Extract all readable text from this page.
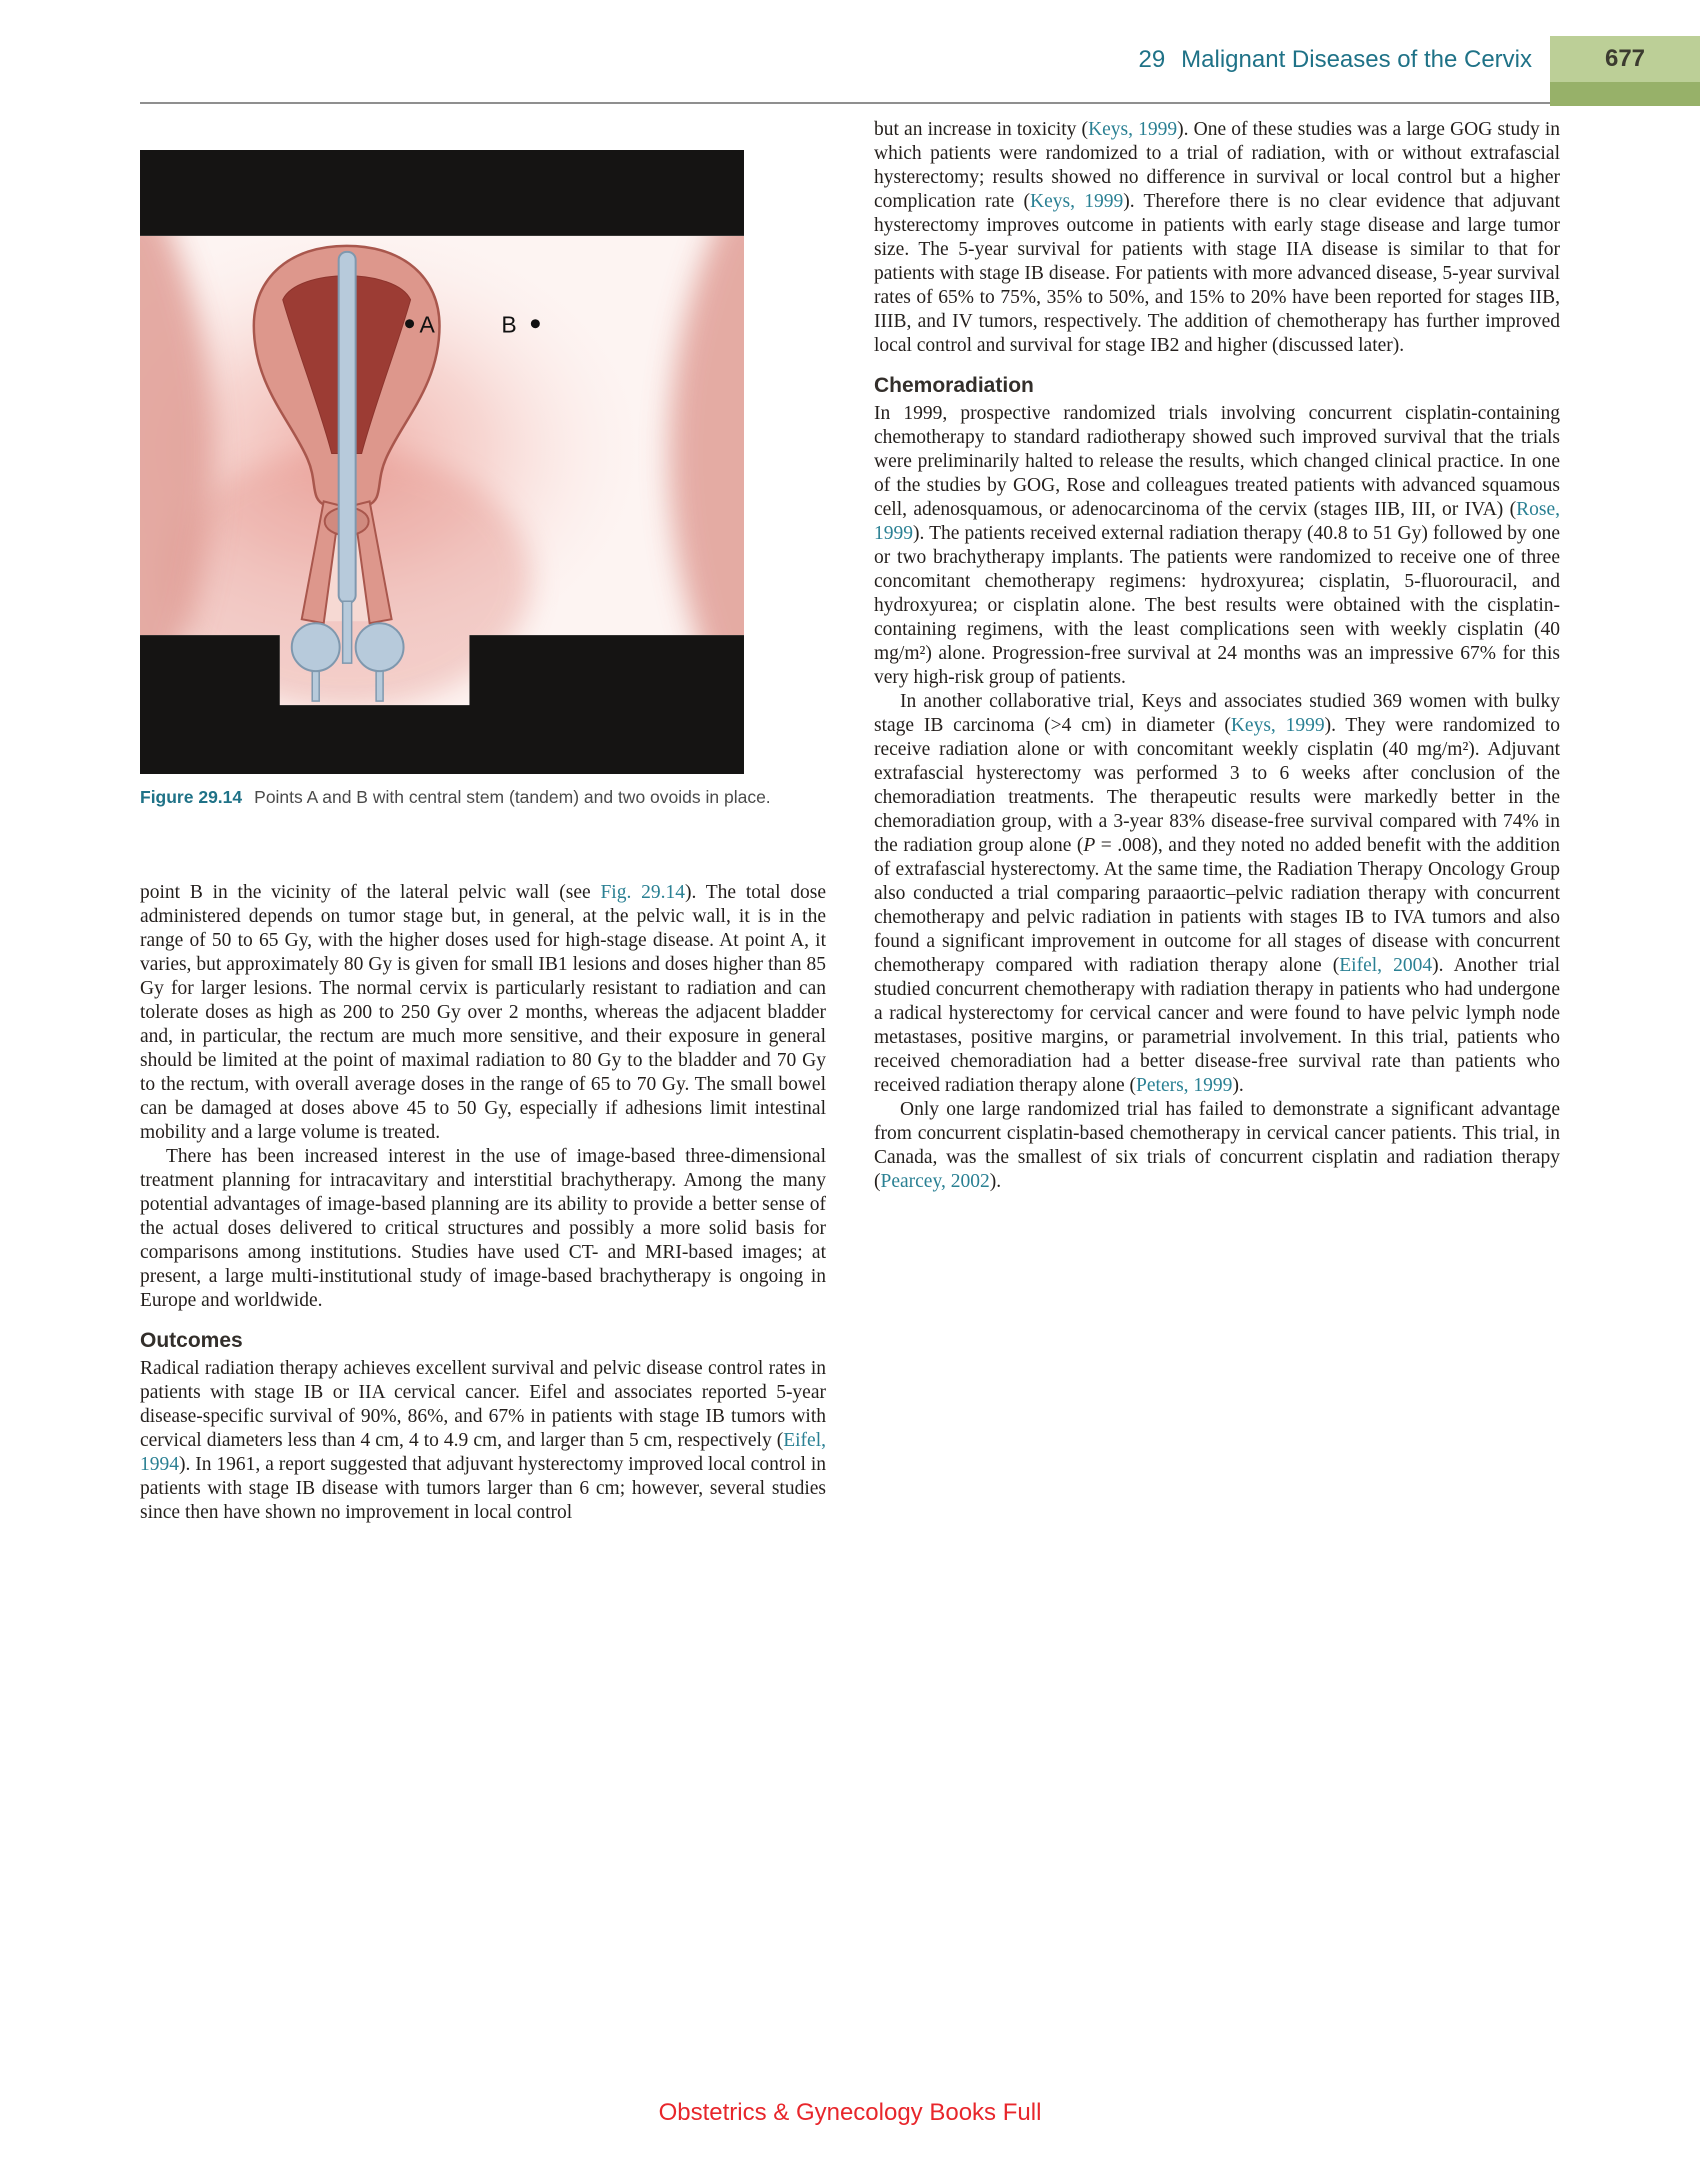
29 Malignant Diseases of the Cervix	677
A	B
Figure 29.14 Points A and B with central stem (tandem) and two ovoids in place.

point B in the vicinity of the lateral pelvic wall (see Fig. 29.14). The total dose administered depends on tumor stage but, in general, at the pelvic wall, it is in the range of 50 to 65 Gy, with the higher doses used for high-stage disease. At point A, it varies, but approximately 80 Gy is given for small IB1 lesions and doses higher than 85 Gy for larger lesions. The normal cervix is particularly resistant to radiation and can tolerate doses as high as 200 to 250 Gy over 2 months, whereas the adjacent bladder and, in particular, the rectum are much more sensitive, and their exposure in general should be limited at the point of maximal radiation to 80 Gy to the bladder and 70 Gy to the rectum, with overall average doses in the range of 65 to 70 Gy. The small bowel can be damaged at doses above 45 to 50 Gy, especially if adhesions limit intestinal mobility and a large volume is treated.

There has been increased interest in the use of image-based three-dimensional treatment planning for intracavitary and interstitial brachytherapy. Among the many potential advantages of image-based planning are its ability to provide a better sense of the actual doses delivered to critical structures and possibly a more solid basis for comparisons among institutions. Studies have used CT- and MRI-based images; at present, a large multi-institutional study of image-based brachytherapy is ongoing in Europe and worldwide.

Outcomes

Radical radiation therapy achieves excellent survival and pelvic disease control rates in patients with stage IB or IIA cervical cancer. Eifel and associates reported 5-year disease-specific survival of 90%, 86%, and 67% in patients with stage IB tumors with cervical diameters less than 4 cm, 4 to 4.9 cm, and larger than 5 cm, respectively (Eifel, 1994). In 1961, a report suggested that adjuvant hysterectomy improved local control in patients with stage IB disease with tumors larger than 6 cm; however, several studies since then have shown no improvement in local control

but an increase in toxicity (Keys, 1999). One of these studies was a large GOG study in which patients were randomized to a trial of radiation, with or without extrafascial hysterectomy; results showed no difference in survival or local control but a higher complication rate (Keys, 1999). Therefore there is no clear evidence that adjuvant hysterectomy improves outcome in patients with early stage disease and large tumor size. The 5-year survival for patients with stage IIA disease is similar to that for patients with stage IB disease. For patients with more advanced disease, 5-year survival rates of 65% to 75%, 35% to 50%, and 15% to 20% have been reported for stages IIB, IIIB, and IV tumors, respectively. The addition of chemotherapy has further improved local control and survival for stage IB2 and higher (discussed later).

Chemoradiation

In 1999, prospective randomized trials involving concurrent cisplatin-containing chemotherapy to standard radiotherapy showed such improved survival that the trials were preliminarily halted to release the results, which changed clinical practice. In one of the studies by GOG, Rose and colleagues treated patients with advanced squamous cell, adenosquamous, or adenocarcinoma of the cervix (stages IIB, III, or IVA) (Rose, 1999). The patients received external radiation therapy (40.8 to 51 Gy) followed by one or two brachytherapy implants. The patients were randomized to receive one of three concomitant chemotherapy regimens: hydroxyurea; cisplatin, 5-fluorouracil, and hydroxyurea; or cisplatin alone. The best results were obtained with the cisplatin-containing regimens, with the least complications seen with weekly cisplatin (40 mg/m²) alone. Progression-free survival at 24 months was an impressive 67% for this very high-risk group of patients.

In another collaborative trial, Keys and associates studied 369 women with bulky stage IB carcinoma (>4 cm) in diameter (Keys, 1999). They were randomized to receive radiation alone or with concomitant weekly cisplatin (40 mg/m²). Adjuvant extrafascial hysterectomy was performed 3 to 6 weeks after conclusion of the chemoradiation treatments. The therapeutic results were markedly better in the chemoradiation group, with a 3-year 83% disease-free survival compared with 74% in the radiation group alone (P = .008), and they noted no added benefit with the addition of extrafascial hysterectomy. At the same time, the Radiation Therapy Oncology Group also conducted a trial comparing paraaortic–pelvic radiation therapy with concurrent chemotherapy and pelvic radiation in patients with stages IB to IVA tumors and also found a significant improvement in outcome for all stages of disease with concurrent chemotherapy compared with radiation therapy alone (Eifel, 2004). Another trial studied concurrent chemotherapy with radiation therapy in patients who had undergone a radical hysterectomy for cervical cancer and were found to have pelvic lymph node metastases, positive margins, or parametrial involvement. In this trial, patients who received chemoradiation had a better disease-free survival rate than patients who received radiation therapy alone (Peters, 1999).

Only one large randomized trial has failed to demonstrate a significant advantage from concurrent cisplatin-based chemotherapy in cervical cancer patients. This trial, in Canada, was the smallest of six trials of concurrent cisplatin and radiation therapy (Pearcey, 2002).

Obstetrics & Gynecology Books Full
